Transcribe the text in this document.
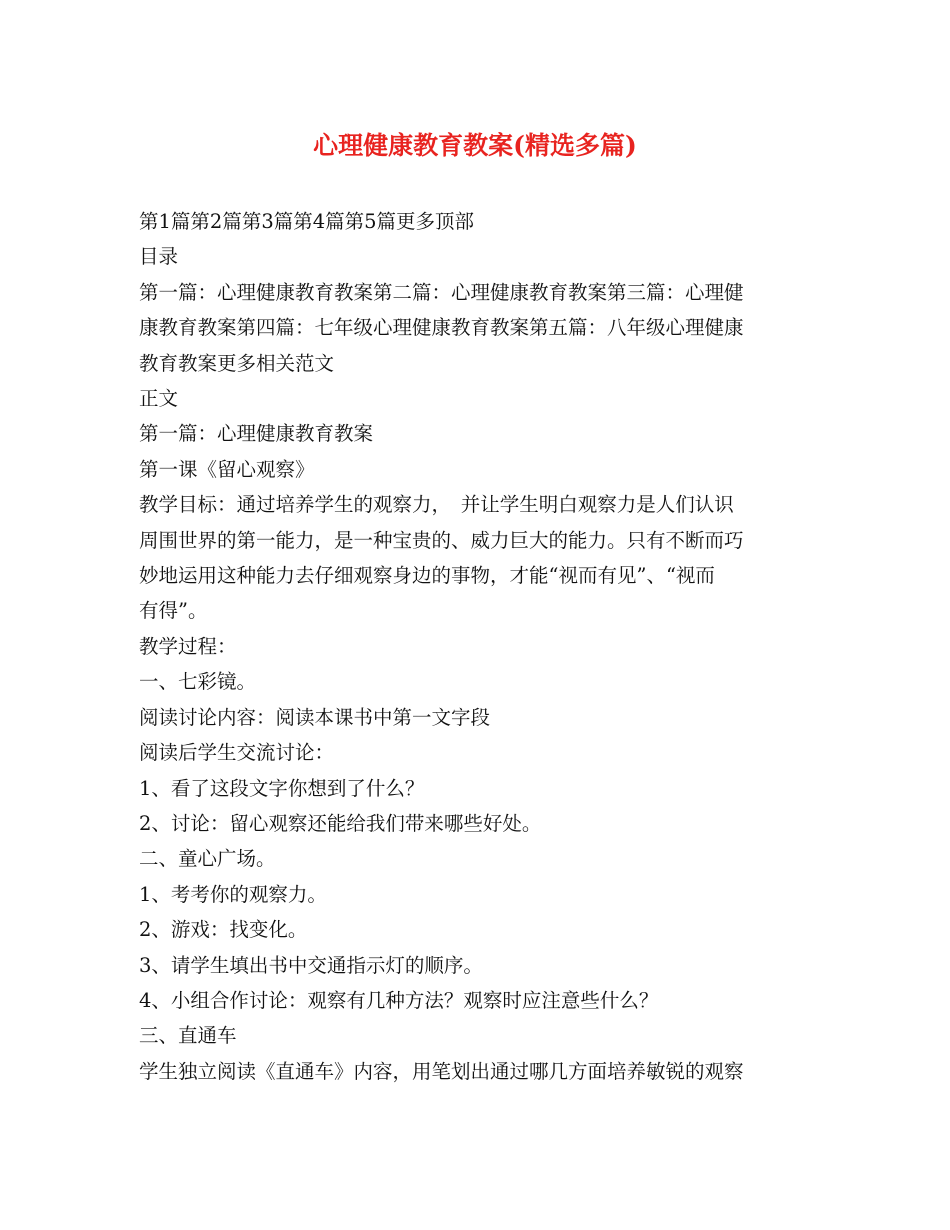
心理健康教育教案(精选多篇)

第1篇第2篇第3篇第4篇第5篇更多顶部

目录

第一篇：心理健康教育教案第二篇：心理健康教育教案第三篇：心理健

康教育教案第四篇：七年级心理健康教育教案第五篇：八年级心理健康

教育教案更多相关范文

正文

第一篇：心理健康教育教案

第一课《留心观察》

教学目标：通过培养学生的观察力，　并让学生明白观察力是人们认识

周围世界的第一能力，是一种宝贵的、威力巨大的能力。只有不断而巧

妙地运用这种能力去仔细观察身边的事物，才能“视而有见”、“视而

有得”。

教学过程：

一、七彩镜。

阅读讨论内容：阅读本课书中第一文字段

阅读后学生交流讨论：

1、看了这段文字你想到了什么？

2、讨论：留心观察还能给我们带来哪些好处。

二、童心广场。

1、考考你的观察力。

2、游戏：找变化。

3、请学生填出书中交通指示灯的顺序。

4、小组合作讨论：观察有几种方法？观察时应注意些什么？

三、直通车

学生独立阅读《直通车》内容，用笔划出通过哪几方面培养敏锐的观察
